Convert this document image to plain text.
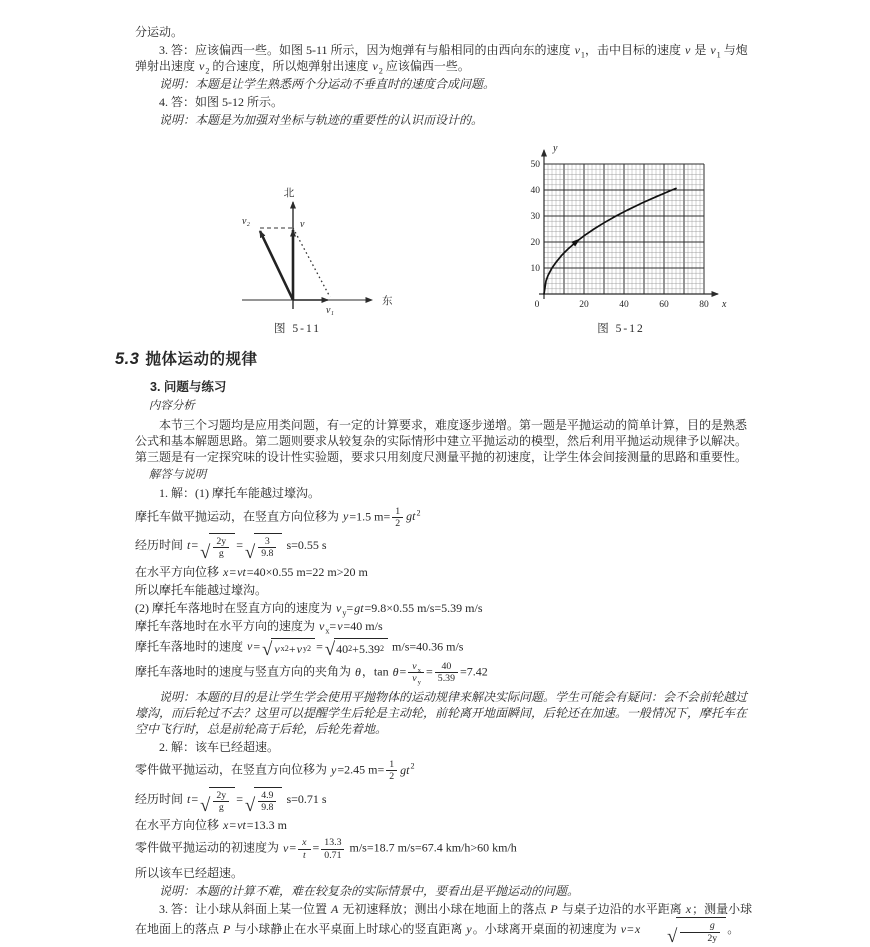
分运动。

3. 答：应该偏西一些。如图 5-11 所示，因为炮弹有与船相同的由西向东的速度 $v_1$，击中目标的速度 v 是 $v_1$ 与炮弹射出速度 $v_2$ 的合速度，所以炮弹射出速度 $v_2$ 应该偏西一些。

说明：本题是让学生熟悉两个分运动不垂直时的速度合成问题。

4. 答：如图 5-12 所示。

说明：本题是为加强对坐标与轨迹的重要性的认识而设计的。

北
东
v₂	v
v₁
图 5-11
10
20
30
40
50
20	40	60	80
0
y
x
图 5-12
5.3 抛体运动的规律
3. 问题与练习
内容分析

本节三个习题均是应用类问题，有一定的计算要求，难度逐步递增。第一题是平抛运动的简单计算，目的是熟悉公式和基本解题思路。第二题则要求从较复杂的实际情形中建立平抛运动的模型，然后利用平抛运动规律予以解决。第三题是有一定探究味的设计性实验题，要求只用刻度尺测量平抛的初速度，让学生体会间接测量的思路和重要性。

解答与说明

1. 解：(1) 摩托车能越过壕沟。

摩托车做平抛运动，在竖直方向位移为 y=1.5 $m= \frac{1}{2} gt^2$

经历时间 t= √ $\frac{2y}{g}$ = √ $\frac{3}{9.8} s=0.55$ s

在水平方向位移 x=vt=40×0.55 m=22 m>20 m

所以摩托车能越过壕沟。

(2) 摩托车落地时在竖直方向的速度为 $v_y=gt=9.8\times 0.55$ m/s=5.39 m/s

摩托车落地时在水平方向的速度为 $v_x=v=40$ m/s

摩托车落地时的速度 v= √ v x 2 + v y 2 = √ 40 2 +5.39 2 m/s=40.36 m/s

摩托车落地时的速度与竖直方向的夹角为 θ，$\tan \theta= \frac{v_x}{v_y} = \frac{40}{5.39} =7.42$

说明：本题的目的是让学生学会使用平抛物体的运动规律来解决实际问题。学生可能会有疑问：会不会前轮越过壕沟，而后轮过不去？这里可以提醒学生后轮是主动轮，前轮离开地面瞬间，后轮还在加速。一般情况下，摩托车在空中飞行时，总是前轮高于后轮，后轮先着地。

2. 解：该车已经超速。

零件做平抛运动，在竖直方向位移为 y=2.45 $m= \frac{1}{2} gt^2$

经历时间 t= √ $\frac{2y}{g}$ = √ $\frac{4.9}{9.8} s=0.71$ s

在水平方向位移 x=vt=13.3 m

零件做平抛运动的初速度为 $v= \frac{x}{t} = \frac{13.3}{0.71} m/s=18.7$ m/s=67.4 km/h>60 km/h

所以该车已经超速。

说明：本题的计算不难，难在较复杂的实际情景中，要看出是平抛运动的问题。

3. 答：让小球从斜面上某一位置 A 无初速释放；测出小球在地面上的落点 P 与桌子边沿的水平距离 x；测量小球在地面上的落点 P 与小球静止在水平桌面上时球心的竖直距离 y。小球离开桌面的初速度为 v=x	√ $\frac{g}{2y}$ 。
